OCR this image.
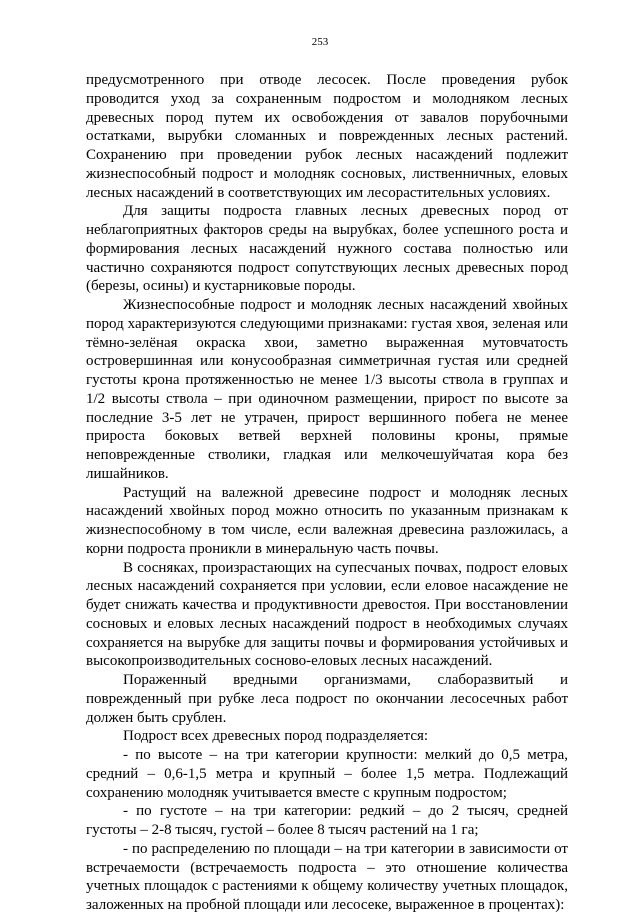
253

предусмотренного при отводе лесосек. После проведения рубок проводится уход за сохраненным подростом и молодняком лесных древесных пород путем их освобождения от завалов порубочными остатками, вырубки сломанных и поврежденных лесных растений. Сохранению при проведении рубок лесных насаждений подлежит жизнеспособный подрост и молодняк сосновых, лиственничных, еловых лесных насаждений в соответствующих им лесорастительных условиях.

Для защиты подроста главных лесных древесных пород от неблагоприятных факторов среды на вырубках, более успешного роста и формирования лесных насаждений нужного состава полностью или частично сохраняются подрост сопутствующих лесных древесных пород (березы, осины) и кустарниковые породы.

Жизнеспособные подрост и молодняк лесных насаждений хвойных пород характеризуются следующими признаками: густая хвоя, зеленая или тёмно-зелёная окраска хвои, заметно выраженная мутовчатость островершинная или конусообразная симметричная густая или средней густоты крона протяженностью не менее 1/3 высоты ствола в группах и 1/2 высоты ствола – при одиночном размещении, прирост по высоте за последние 3-5 лет не утрачен, прирост вершинного побега не менее прироста боковых ветвей верхней половины кроны, прямые неповрежденные стволики, гладкая или мелкочешуйчатая кора без лишайников.

Растущий на валежной древесине подрост и молодняк лесных насаждений хвойных пород можно относить по указанным признакам к жизнеспособному в том числе, если валежная древесина разложилась, а корни подроста проникли в минеральную часть почвы.

В сосняках, произрастающих на супесчаных почвах, подрост еловых лесных насаждений сохраняется при условии, если еловое насаждение не будет снижать качества и продуктивности древостоя. При восстановлении сосновых и еловых лесных насаждений подрост в необходимых случаях сохраняется на вырубке для защиты почвы и формирования устойчивых и высокопроизводительных сосново-еловых лесных насаждений.

Пораженный вредными организмами, слаборазвитый и поврежденный при рубке леса подрост по окончании лесосечных работ должен быть срублен.

Подрост всех древесных пород подразделяется:

- по высоте – на три категории крупности: мелкий до 0,5 метра, средний – 0,6-1,5 метра и крупный – более 1,5 метра. Подлежащий сохранению молодняк учитывается вместе с крупным подростом;

- по густоте – на три категории: редкий – до 2 тысяч, средней густоты – 2-8 тысяч, густой – более 8 тысяч растений на 1 га;

- по распределению по площади – на три категории в зависимости от встречаемости (встречаемость подроста – это отношение количества учетных площадок с растениями к общему количеству учетных площадок, заложенных на пробной площади или лесосеке, выраженное в процентах):
